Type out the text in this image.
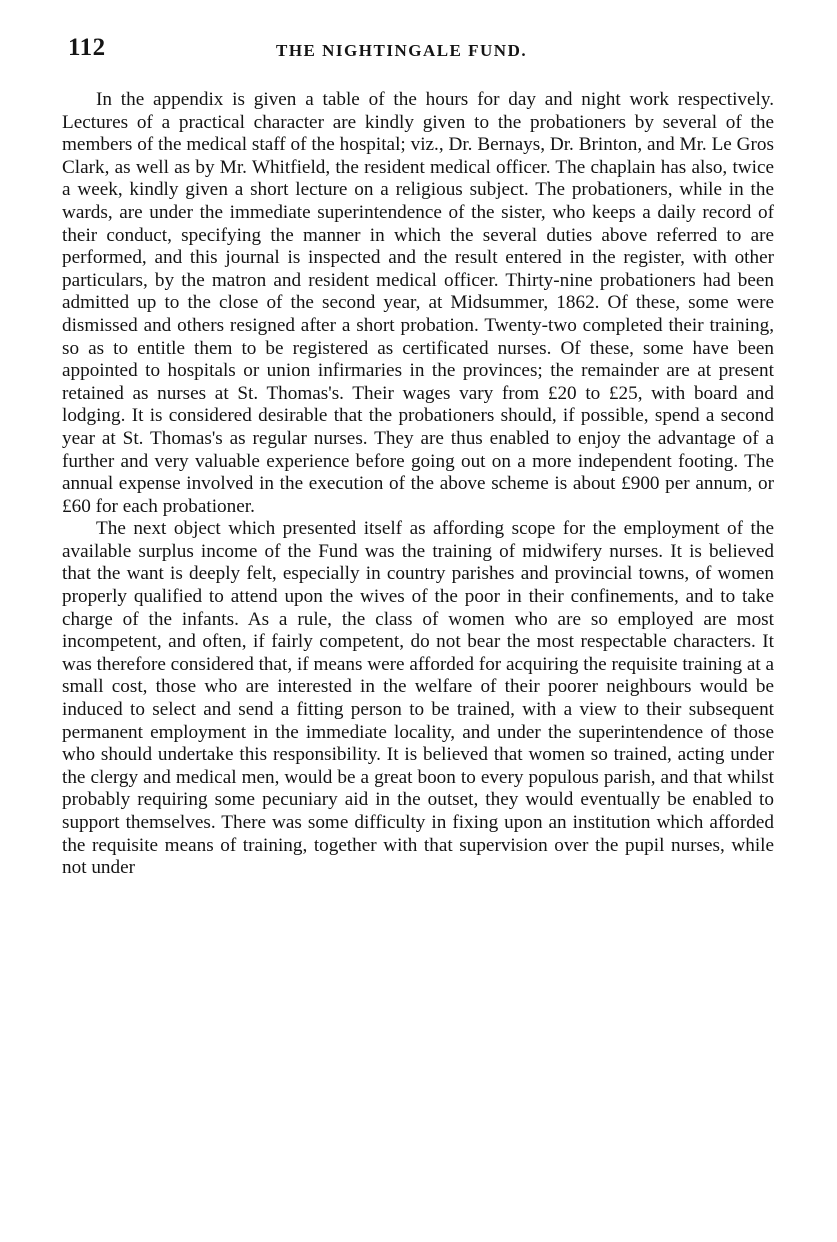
112	THE NIGHTINGALE FUND.

In the appendix is given a table of the hours for day and night work respectively. Lectures of a practical character are kindly given to the probationers by several of the members of the medical staff of the hospital; viz., Dr. Bernays, Dr. Brinton, and Mr. Le Gros Clark, as well as by Mr. Whitfield, the resident medical officer. The chaplain has also, twice a week, kindly given a short lecture on a religious subject. The probationers, while in the wards, are under the immediate superintendence of the sister, who keeps a daily record of their conduct, specifying the manner in which the several duties above referred to are performed, and this journal is inspected and the result entered in the register, with other particulars, by the matron and resident medical officer. Thirty-nine probationers had been admitted up to the close of the second year, at Midsummer, 1862. Of these, some were dismissed and others resigned after a short probation. Twenty-two completed their training, so as to entitle them to be registered as certificated nurses. Of these, some have been appointed to hospitals or union infirmaries in the provinces; the remainder are at present retained as nurses at St. Thomas's. Their wages vary from £20 to £25, with board and lodging. It is considered desirable that the probationers should, if possible, spend a second year at St. Thomas's as regular nurses. They are thus enabled to enjoy the advantage of a further and very valuable experience before going out on a more independent footing. The annual expense involved in the execution of the above scheme is about £900 per annum, or £60 for each probationer.

The next object which presented itself as affording scope for the employment of the available surplus income of the Fund was the training of midwifery nurses. It is believed that the want is deeply felt, especially in country parishes and provincial towns, of women properly qualified to attend upon the wives of the poor in their confinements, and to take charge of the infants. As a rule, the class of women who are so employed are most incompetent, and often, if fairly competent, do not bear the most respectable characters. It was therefore considered that, if means were afforded for acquiring the requisite training at a small cost, those who are interested in the welfare of their poorer neighbours would be induced to select and send a fitting person to be trained, with a view to their subsequent permanent employment in the immediate locality, and under the superintendence of those who should undertake this responsibility. It is believed that women so trained, acting under the clergy and medical men, would be a great boon to every populous parish, and that whilst probably requiring some pecuniary aid in the outset, they would eventually be enabled to support themselves. There was some difficulty in fixing upon an institution which afforded the requisite means of training, together with that supervision over the pupil nurses, while not under
